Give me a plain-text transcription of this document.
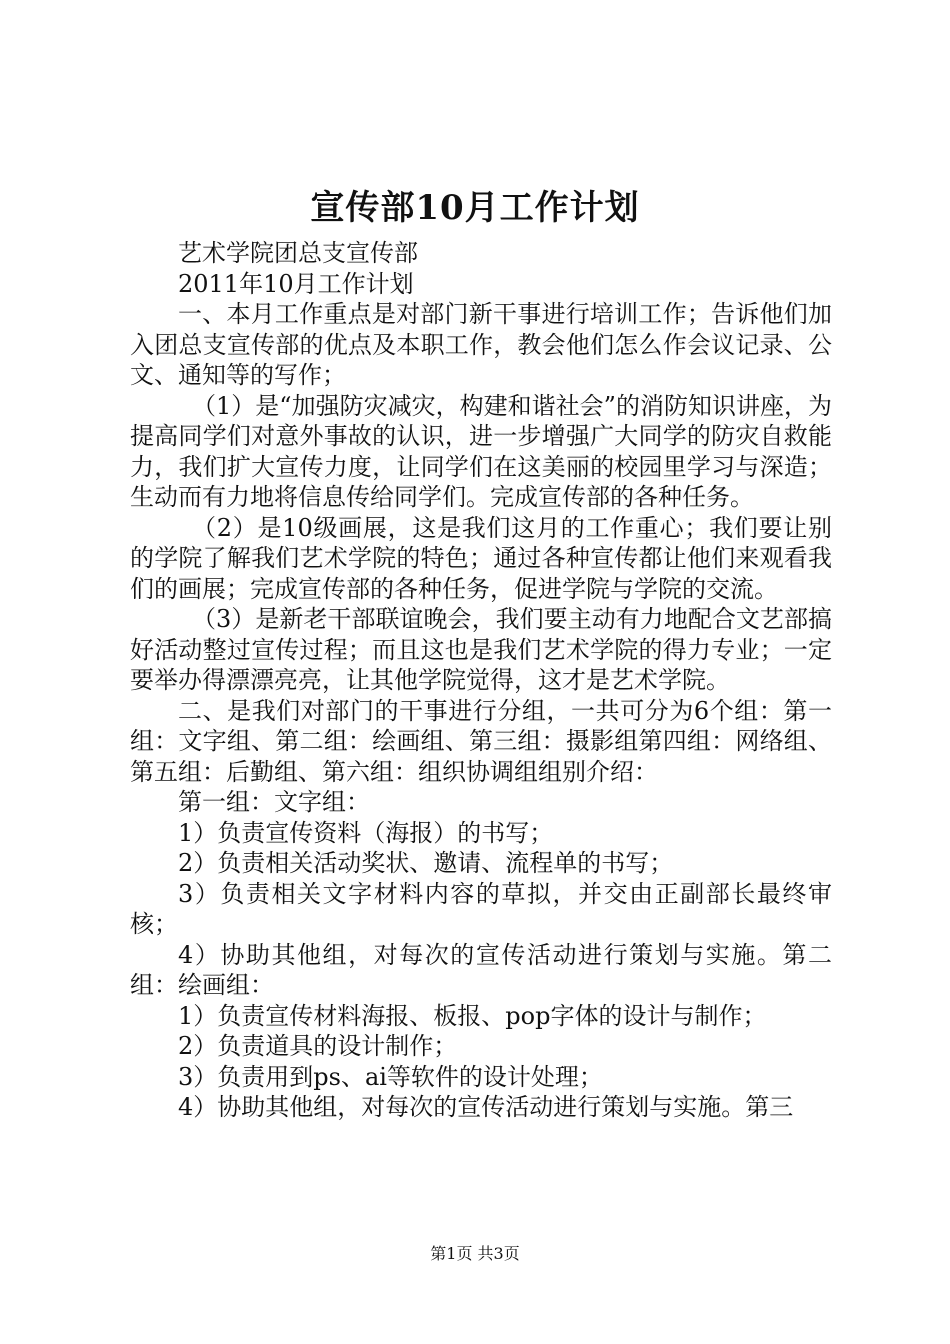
宣传部10月工作计划

艺术学院团总支宣传部

2011年10月工作计划

一、本月工作重点是对部门新干事进行培训工作；告诉他们加入团总支宣传部的优点及本职工作，教会他们怎么作会议记录、公文、通知等的写作；

（1）是“加强防灾减灾，构建和谐社会”的消防知识讲座，为提高同学们对意外事故的认识，进一步增强广大同学的防灾自救能力，我们扩大宣传力度，让同学们在这美丽的校园里学习与深造；生动而有力地将信息传给同学们。完成宣传部的各种任务。

（2）是10级画展，这是我们这月的工作重心；我们要让别的学院了解我们艺术学院的特色；通过各种宣传都让他们来观看我们的画展；完成宣传部的各种任务，促进学院与学院的交流。

（3）是新老干部联谊晚会，我们要主动有力地配合文艺部搞好活动整过宣传过程；而且这也是我们艺术学院的得力专业；一定要举办得漂漂亮亮，让其他学院觉得，这才是艺术学院。

二、是我们对部门的干事进行分组，一共可分为6个组：第一组：文字组、第二组：绘画组、第三组：摄影组第四组：网络组、第五组：后勤组、第六组：组织协调组组别介绍：

第一组：文字组：

1）负责宣传资料（海报）的书写；

2）负责相关活动奖状、邀请、流程单的书写；

3）负责相关文字材料内容的草拟，并交由正副部长最终审核；

4）协助其他组，对每次的宣传活动进行策划与实施。第二组：绘画组：

1）负责宣传材料海报、板报、pop字体的设计与制作；

2）负责道具的设计制作；

3）负责用到ps、ai等软件的设计处理；

4）协助其他组，对每次的宣传活动进行策划与实施。第三

第1页 共3页
